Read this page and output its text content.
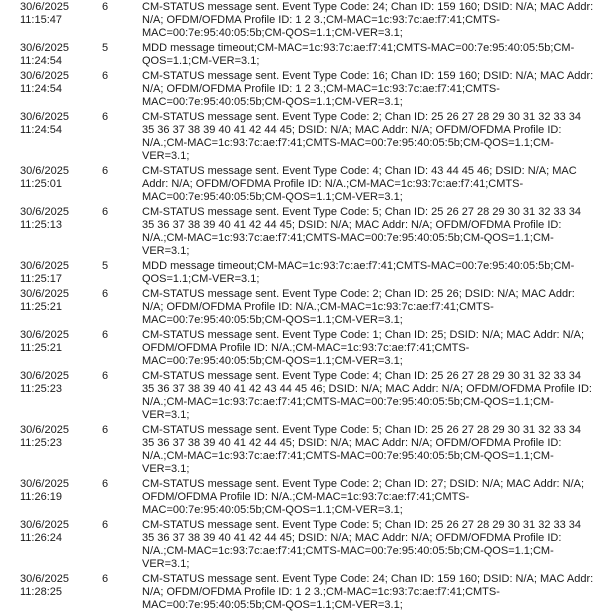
30/6/2025
11:15:47	6	CM-STATUS message sent. Event Type Code: 24; Chan ID: 159 160; DSID: N/A; MAC Addr: N/A; OFDM/OFDMA Profile ID: 1 2 3.;CM-MAC=1c:93:7c:ae:f7:41;CMTS-MAC=00:7e:95:40:05:5b;CM-QOS=1.1;CM-VER=3.1;

30/6/2025
11:24:54	5	MDD message timeout;CM-MAC=1c:93:7c:ae:f7:41;CMTS-MAC=00:7e:95:40:05:5b;CM-QOS=1.1;CM-VER=3.1;

30/6/2025
11:24:54	6	CM-STATUS message sent. Event Type Code: 16; Chan ID: 159 160; DSID: N/A; MAC Addr: N/A; OFDM/OFDMA Profile ID: 1 2 3.;CM-MAC=1c:93:7c:ae:f7:41;CMTS-MAC=00:7e:95:40:05:5b;CM-QOS=1.1;CM-VER=3.1;

30/6/2025
11:24:54	6	CM-STATUS message sent. Event Type Code: 2; Chan ID: 25 26 27 28 29 30 31 32 33 34 35 36 37 38 39 40 41 42 44 45; DSID: N/A; MAC Addr: N/A; OFDM/OFDMA Profile ID: N/A.;CM-MAC=1c:93:7c:ae:f7:41;CMTS-MAC=00:7e:95:40:05:5b;CM-QOS=1.1;CM-VER=3.1;

30/6/2025
11:25:01	6	CM-STATUS message sent. Event Type Code: 4; Chan ID: 43 44 45 46; DSID: N/A; MAC Addr: N/A; OFDM/OFDMA Profile ID: N/A.;CM-MAC=1c:93:7c:ae:f7:41;CMTS-MAC=00:7e:95:40:05:5b;CM-QOS=1.1;CM-VER=3.1;

30/6/2025
11:25:13	6	CM-STATUS message sent. Event Type Code: 5; Chan ID: 25 26 27 28 29 30 31 32 33 34 35 36 37 38 39 40 41 42 44 45; DSID: N/A; MAC Addr: N/A; OFDM/OFDMA Profile ID: N/A.;CM-MAC=1c:93:7c:ae:f7:41;CMTS-MAC=00:7e:95:40:05:5b;CM-QOS=1.1;CM-VER=3.1;

30/6/2025
11:25:17	5	MDD message timeout;CM-MAC=1c:93:7c:ae:f7:41;CMTS-MAC=00:7e:95:40:05:5b;CM-QOS=1.1;CM-VER=3.1;

30/6/2025
11:25:21	6	CM-STATUS message sent. Event Type Code: 2; Chan ID: 25 26; DSID: N/A; MAC Addr: N/A; OFDM/OFDMA Profile ID: N/A.;CM-MAC=1c:93:7c:ae:f7:41;CMTS-MAC=00:7e:95:40:05:5b;CM-QOS=1.1;CM-VER=3.1;

30/6/2025
11:25:21	6	CM-STATUS message sent. Event Type Code: 1; Chan ID: 25; DSID: N/A; MAC Addr: N/A; OFDM/OFDMA Profile ID: N/A.;CM-MAC=1c:93:7c:ae:f7:41;CMTS-MAC=00:7e:95:40:05:5b;CM-QOS=1.1;CM-VER=3.1;

30/6/2025
11:25:23	6	CM-STATUS message sent. Event Type Code: 4; Chan ID: 25 26 27 28 29 30 31 32 33 34 35 36 37 38 39 40 41 42 43 44 45 46; DSID: N/A; MAC Addr: N/A; OFDM/OFDMA Profile ID: N/A.;CM-MAC=1c:93:7c:ae:f7:41;CMTS-MAC=00:7e:95:40:05:5b;CM-QOS=1.1;CM-VER=3.1;

30/6/2025
11:25:23	6	CM-STATUS message sent. Event Type Code: 5; Chan ID: 25 26 27 28 29 30 31 32 33 34 35 36 37 38 39 40 41 42 44 45; DSID: N/A; MAC Addr: N/A; OFDM/OFDMA Profile ID: N/A.;CM-MAC=1c:93:7c:ae:f7:41;CMTS-MAC=00:7e:95:40:05:5b;CM-QOS=1.1;CM-VER=3.1;

30/6/2025
11:26:19	6	CM-STATUS message sent. Event Type Code: 2; Chan ID: 27; DSID: N/A; MAC Addr: N/A; OFDM/OFDMA Profile ID: N/A.;CM-MAC=1c:93:7c:ae:f7:41;CMTS-MAC=00:7e:95:40:05:5b;CM-QOS=1.1;CM-VER=3.1;

30/6/2025
11:26:24	6	CM-STATUS message sent. Event Type Code: 5; Chan ID: 25 26 27 28 29 30 31 32 33 34 35 36 37 38 39 40 41 42 44 45; DSID: N/A; MAC Addr: N/A; OFDM/OFDMA Profile ID: N/A.;CM-MAC=1c:93:7c:ae:f7:41;CMTS-MAC=00:7e:95:40:05:5b;CM-QOS=1.1;CM-VER=3.1;

30/6/2025
11:28:25	6	CM-STATUS message sent. Event Type Code: 24; Chan ID: 159 160; DSID: N/A; MAC Addr: N/A; OFDM/OFDMA Profile ID: 1 2 3.;CM-MAC=1c:93:7c:ae:f7:41;CMTS-MAC=00:7e:95:40:05:5b;CM-QOS=1.1;CM-VER=3.1;
